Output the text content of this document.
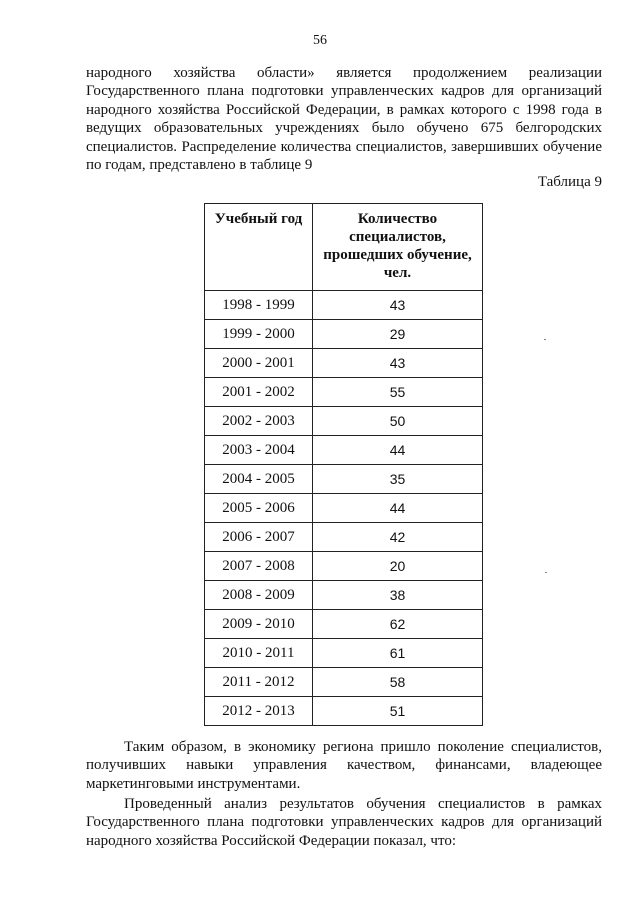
56

народного хозяйства области» является продолжением реализации Государственного плана подготовки управленческих кадров для организаций народного хозяйства Российской Федерации, в рамках которого с 1998 года в ведущих образовательных учреждениях было обучено 675 белгородских специалистов. Распределение количества специалистов, завершивших обучение по годам, представлено в таблице 9

Таблица 9
Учебный год	Количество специалистов, прошедших обучение, чел.
1998 - 1999	43
1999 - 2000	29
2000 - 2001	43
2001 - 2002	55
2002 - 2003	50
2003 - 2004	44
2004 - 2005	35
2005 - 2006	44
2006 - 2007	42
2007 - 2008	20
2008 - 2009	38
2009 - 2010	62
2010 - 2011	61
2011 - 2012	58
2012 - 2013	51

Таким образом, в экономику региона пришло поколение специалистов, получивших навыки управления качеством, финансами, владеющее маркетинговыми инструментами.

Проведенный анализ результатов обучения специалистов в рамках Государственного плана подготовки управленческих кадров для организаций народного хозяйства Российской Федерации показал, что:
